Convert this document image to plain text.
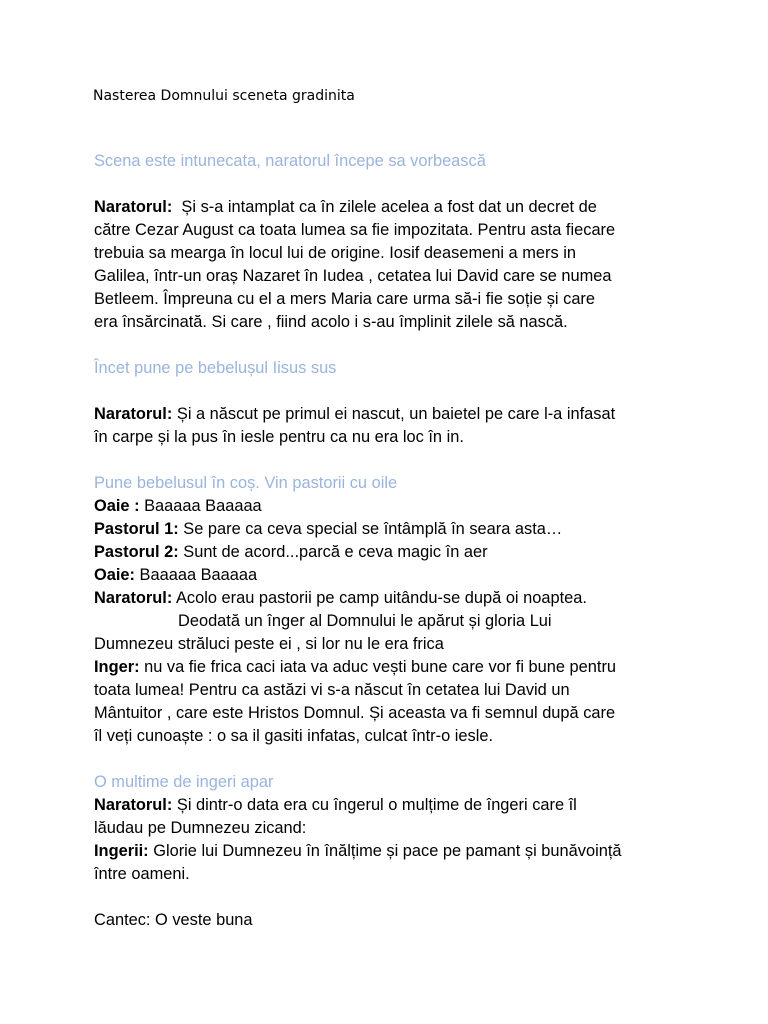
Nasterea Domnului sceneta gradinita
Scena este intunecata, naratorul începe sa vorbească
Naratorul:  Și s-a intamplat ca în zilele acelea a fost dat un decret de
către Cezar August ca toata lumea sa fie impozitata. Pentru asta fiecare
trebuia sa mearga în locul lui de origine. Iosif deasemeni a mers in
Galilea, într-un oraș Nazaret în Iudea , cetatea lui David care se numea
Betleem. Împreuna cu el a mers Maria care urma să-i fie soție și care
era însărcinată. Si care , fiind acolo i s-au împlinit zilele să nască.
Încet pune pe bebelușul Iisus sus
Naratorul: Și a născut pe primul ei nascut, un baietel pe care l-a infasat
în carpe și la pus în iesle pentru ca nu era loc în in.
Pune bebelusul în coș. Vin pastorii cu oile
Oaie : Baaaaa Baaaaa
Pastorul 1: Se pare ca ceva special se întâmplă în seara asta…
Pastorul 2: Sunt de acord...parcă e ceva magic în aer
Oaie: Baaaaa Baaaaa
Naratorul: Acolo erau pastorii pe camp uitându-se după oi noaptea.
Deodată un înger al Domnului le apărut și gloria Lui
Dumnezeu străluci peste ei , si lor nu le era frica
Inger: nu va fie frica caci iata va aduc vești bune care vor fi bune pentru
toata lumea! Pentru ca astăzi vi s-a născut în cetatea lui David un
Mântuitor , care este Hristos Domnul. Și aceasta va fi semnul după care
îl veți cunoaște : o sa il gasiti infatas, culcat într-o iesle.
O multime de ingeri apar
Naratorul: Și dintr-o data era cu îngerul o mulțime de îngeri care îl
lăudau pe Dumnezeu zicand:
Ingerii: Glorie lui Dumnezeu în înălțime și pace pe pamant și bunăvoință
între oameni.
Cantec: O veste buna
